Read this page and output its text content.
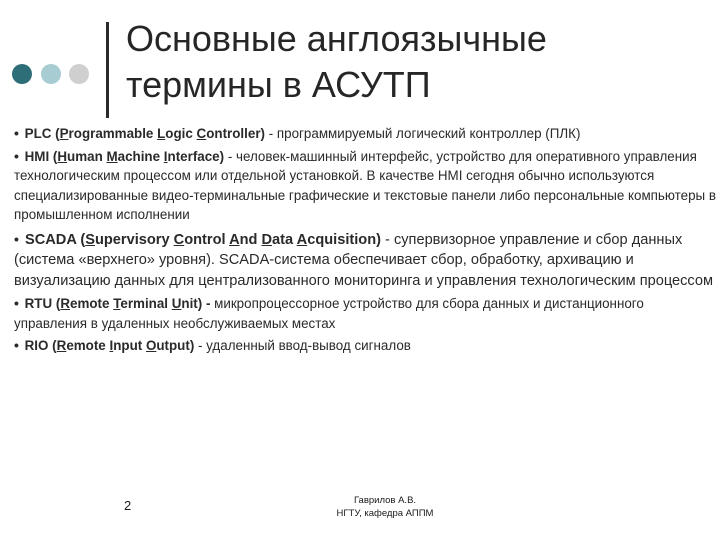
Основные англоязычные
термины в АСУТП

• PLC (Programmable Logic Controller) - программируемый логический контроллер (ПЛК)

• HMI (Human Machine Interface) - человек-машинный интерфейс, устройство для оперативного управления технологическим процессом или отдельной установкой. В качестве HMI сегодня обычно используются специализированные видео-терминальные графические и текстовые панели либо персональные компьютеры в промышленном исполнении

• SCADA (Supervisory Control And Data Acquisition) - супервизорное управление и сбор данных (система «верхнего» уровня). SCADA-система обеспечивает сбор, обработку, архивацию и визуализацию данных для централизованного мониторинга и управления технологическим процессом

• RTU (Remote Terminal Unit) - микропроцессорное устройство для сбора данных и дистанционного управления в удаленных необслуживаемых местах

• RIO (Remote Input Output) - удаленный ввод-вывод сигналов

2	Гаврилов А.В.
НГТУ, кафедра АППМ
